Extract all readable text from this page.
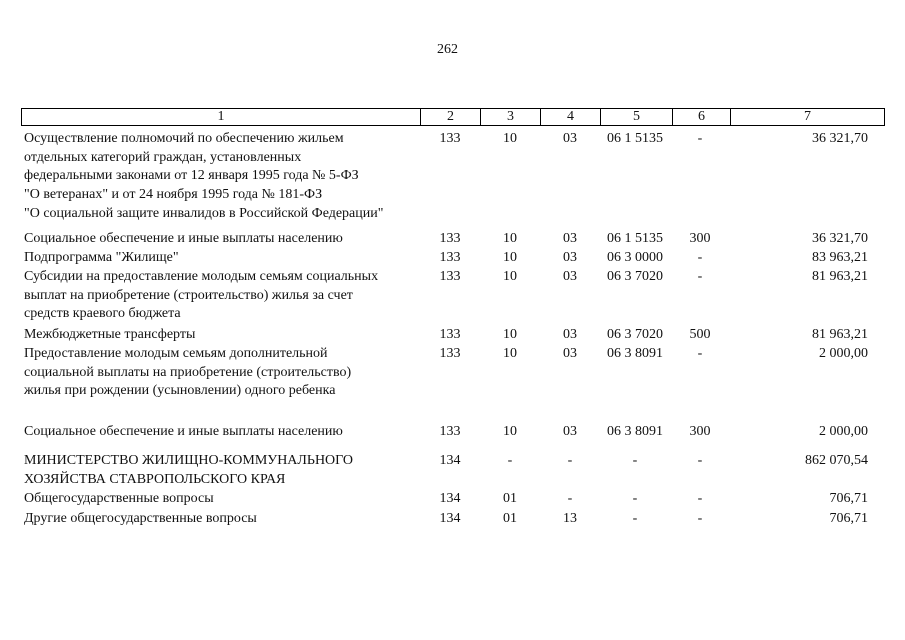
262
1	2	3	4	5	6	7
Осуществление полномочий по обеспечению жильем
отдельных категорий граждан, установленных
федеральными законами от 12 января 1995 года № 5-ФЗ
"О ветеранах" и от 24 ноября 1995 года № 181-ФЗ
"О социальной защите инвалидов в Российской Федерации"
133	10	03	06 1 5135	-	36 321,70
Социальное обеспечение и иные выплаты населению	133	10	03	06 1 5135	300	36 321,70
Подпрограмма "Жилище"	133	10	03	06 3 0000	-	83 963,21
Субсидии на предоставление молодым семьям социальных
выплат на приобретение (строительство) жилья за счет
средств краевого бюджета
133	10	03	06 3 7020	-	81 963,21
Межбюджетные трансферты	133	10	03	06 3 7020	500	81 963,21
Предоставление молодым семьям дополнительной
социальной выплаты на приобретение (строительство)
жилья при рождении (усыновлении) одного ребенка
133	10	03	06 3 8091	-	2 000,00
Социальное обеспечение и иные выплаты населению	133	10	03	06 3 8091	300	2 000,00
МИНИСТЕРСТВО ЖИЛИЩНО-КОММУНАЛЬНОГО
ХОЗЯЙСТВА СТАВРОПОЛЬСКОГО КРАЯ
134	-	-	-	-	862 070,54
Общегосударственные вопросы	134	01	-	-	-	706,71
Другие общегосударственные вопросы	134	01	13	-	-	706,71
